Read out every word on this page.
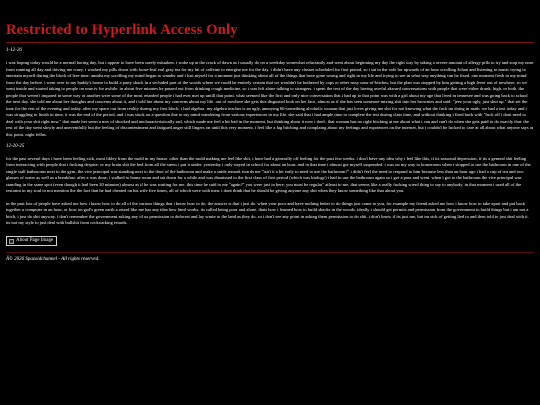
Restricted to Hyperlink Access Only
1-12-26

i was hoping today would be a normal boring day, but i appear to have been sorely mistaken. i woke up at the crack of dawn as i usually do on a weekday somewhat reluctantly and went about beginning my day the right way by taking a severe amount of allergy pills to try and stop my nose from running all day and driving me crazy. i washed my pills down with loose-leaf earl gray tea for my hit of caffeine to energise me for the day. i didn't have any classes scheduled for first period, so i sat in the cafe for upwards of an hour scrolling 4chan and listening to music trying to entertain myself during the block of free time. amidst my scrolling my mind began to wander and i lost myself for a moment just thinking about all of the things that have gone wrong and right in my life and trying to see in what way anything can be fixed. one moment fresh in my mind from the day before. i went over to my buddy's house to build a party shack in a secluded part of the woods where we could be entirely certain that we wouldn't be bothered by cops or other nosy sons-of-bitches, but the plan was stopped by him getting a high fever out of nowhere, so we went inside and started taking to people on ome.tv for awhile. in about five minutes he passed out from drinking cough medicine, so i was left alone talking to strangers. i spent the rest of the day having aweful akward conversations with people that were either drunk, high, or both. the people that weren't impared in some way or another were some of the most retarded people i had ever met up untill that point. what seemed like the first and only nice conversation that i had up to that point was with a girl about my age that lived in tennesee and was going back to school the next day. she told me about her thoughts and concerns about it, and i told her about my concerns about my life. out of nowhere she gets this disgusted look on her face, almost as if she has seen someone mixing shit into her brownies and said: "jeez your ugly, just shut up." that set the tone for the rest of the evening and today. after my space out from reality during my first block, i had algebra. my algebra teacher is an ugly, annoying 66-something alcoholic woman that just loves giving me shit for not knowing what the fuck im doing in math. we had a test today and i was struggling to finish in time, it was the end of the period, and i was stuck on a question due to my mind wandering from various experiences in my life. she said that i had ample time to complete the test during class time, and without thinking i fired back with "fuck off i dont need to deal with your shit right now." that made her seem a mix of shocked and uncharacteristically sad, which made me feel a bit bad in the moment, but thinking about it now i don't. that woman has no right bitching at me about what i can and can't do when she gets paid to do exactly that. the rest of the day went slowly and uneventfully but the feeling of discontentment and fatigued anger still lingers on until this very moment. i feel like a fag bitching and complaing about my feelings and expriences on the internet, but i couldn't be fucked to care at all about what anyone says at this point. night fellas.

12-20-25

for the past several days i have been feeling sick, most likley from the mold in my house. other than the mold making me feel like shit, i have had a generally off feeling for the past few weeks. i don't have any idea why i feel like this, if its seasonal depression, if its a general shit feeling from interacting with people that i fucking despise, or my brain shit the bed from all the stress i put it under. yesterday i only stayed in school for about an hour, and in that time i almost got myself suspended. i was on my way to homeroom when i stopped to use the bathroom in one of the single stall bathrooms next to the gym, the vice principal was standing next to the door of the bathroom and make a snide remark twards me "isn't it a bit early to need to use the bathroom?" i didn't feel the need to respond to him because less than an hour ago i had a cup of tea and two glasses of water as well as a breakfast. after a was done, i walked to home room and sat down for a while and was dismissed to the first class of first period (which was biology) i had to use the bathroom again so i got a pass and went. when i got to the bathroom the vice principal was standing in the same spot (even though it had been 20 minutes) almost as if he was waiting for me. this time he said to me "again?" you were just in here, you must be regular" atleast to me, that seems like a really fucking wierd thing to say to anybody. in that moment i used all of the restraint in my soul to not mention the the fact that he had cheated on his wife five times, all of which were with men. i dont think that he should be giving anyone any shit when they know something like that about you.

in the past lots of people have asked me how i know how to do all of the various things that i know how to do, the answer is that i just do. when your poor and have nothing better to do things just come to you, for example my friend asked me how i know how to take apart and put back together a computer in an hour, or how on god's green earth a retard like me has any idea how html works. its called being poor and alone. thats how i learned how to build shacks in the woods. ideally i should get permits and permission from the government to build things but i am not a bitch, i just do shit anyway. i don't remember the government asking any of us permission to deforest and lay waste to the land as they do, so i don't see any point in asking them permission to do shit. i don't know if its just me, but im sick of getting lied to and then told to just deal with it. its not my style to just deal with bullshit from cocksucking retards.

About Page Image
Â© 2026 Spazoidchannel - All rights reserved.
